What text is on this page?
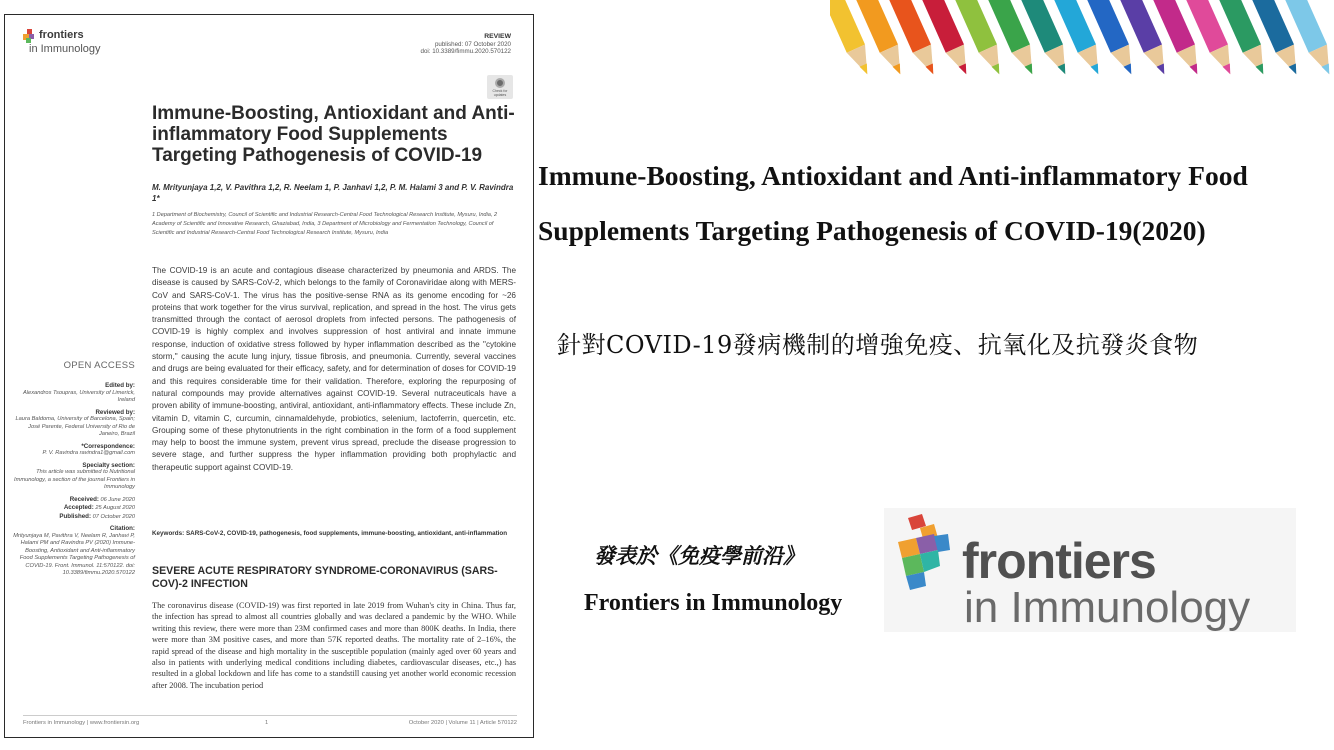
frontiers
in Immunology
REVIEW
published: 07 October 2020
doi: 10.3389/fimmu.2020.570122
Check for updates
Immune-Boosting, Antioxidant and Anti-inflammatory Food Supplements Targeting Pathogenesis of COVID-19
M. Mrityunjaya 1,2, V. Pavithra 1,2, R. Neelam 1, P. Janhavi 1,2, P. M. Halami 3 and P. V. Ravindra 1*
1 Department of Biochemistry, Council of Scientific and Industrial Research-Central Food Technological Research Institute, Mysuru, India, 2 Academy of Scientific and Innovative Research, Ghaziabad, India, 3 Department of Microbiology and Fermentation Technology, Council of Scientific and Industrial Research-Central Food Technological Research Institute, Mysuru, India
The COVID-19 is an acute and contagious disease characterized by pneumonia and ARDS. The disease is caused by SARS-CoV-2, which belongs to the family of Coronaviridae along with MERS-CoV and SARS-CoV-1. The virus has the positive-sense RNA as its genome encoding for ~26 proteins that work together for the virus survival, replication, and spread in the host. The virus gets transmitted through the contact of aerosol droplets from infected persons. The pathogenesis of COVID-19 is highly complex and involves suppression of host antiviral and innate immune response, induction of oxidative stress followed by hyper inflammation described as the "cytokine storm," causing the acute lung injury, tissue fibrosis, and pneumonia. Currently, several vaccines and drugs are being evaluated for their efficacy, safety, and for determination of doses for COVID-19 and this requires considerable time for their validation. Therefore, exploring the repurposing of natural compounds may provide alternatives against COVID-19. Several nutraceuticals have a proven ability of immune-boosting, antiviral, antioxidant, anti-inflammatory effects. These include Zn, vitamin D, vitamin C, curcumin, cinnamaldehyde, probiotics, selenium, lactoferrin, quercetin, etc. Grouping some of these phytonutrients in the right combination in the form of a food supplement may help to boost the immune system, prevent virus spread, preclude the disease progression to severe stage, and further suppress the hyper inflammation providing both prophylactic and therapeutic support against COVID-19.
Keywords: SARS-CoV-2, COVID-19, pathogenesis, food supplements, immune-boosting, antioxidant, anti-inflammation
SEVERE ACUTE RESPIRATORY SYNDROME-CORONAVIRUS (SARS-COV)-2 INFECTION
The coronavirus disease (COVID-19) was first reported in late 2019 from Wuhan's city in China. Thus far, the infection has spread to almost all countries globally and was declared a pandemic by the WHO. While writing this review, there were more than 23M confirmed cases and more than 800K deaths. In India, there were more than 3M positive cases, and more than 57K reported deaths. The mortality rate of 2–16%, the rapid spread of the disease and high mortality in the susceptible population (mainly aged over 60 years and also in patients with underlying medical conditions including diabetes, cardiovascular diseases, etc.,) has resulted in a global lockdown and life has come to a standstill causing yet another world economic recession after 2008. The incubation period
OPEN ACCESS
Edited by:
Alexandros Tsoupras, University of Limerick, Ireland
Reviewed by:
Laura Baldoma, University of Barcelona, Spain; José Parente, Federal University of Rio de Janeiro, Brazil
*Correspondence:
P. V. Ravindra ravindra1@gmail.com
Specialty section:
This article was submitted to Nutritional Immunology, a section of the journal Frontiers in Immunology
Received: 06 June 2020
Accepted: 25 August 2020
Published: 07 October 2020
Citation:
Mrityunjaya M, Pavithra V, Neelam R, Janhavi P, Halami PM and Ravindra PV (2020) Immune-Boosting, Antioxidant and Anti-inflammatory Food Supplements Targeting Pathogenesis of COVID-19. Front. Immunol. 11:570122. doi: 10.3389/fimmu.2020.570122
Frontiers in Immunology | www.frontiersin.org	1	October 2020 | Volume 11 | Article 570122
Immune-Boosting, Antioxidant and Anti-inflammatory Food Supplements Targeting Pathogenesis of COVID-19(2020)
針對COVID-19發病機制的增強免疫、抗氧化及抗發炎食物
發表於《免疫學前沿》
Frontiers in Immunology
frontiers
in Immunology
